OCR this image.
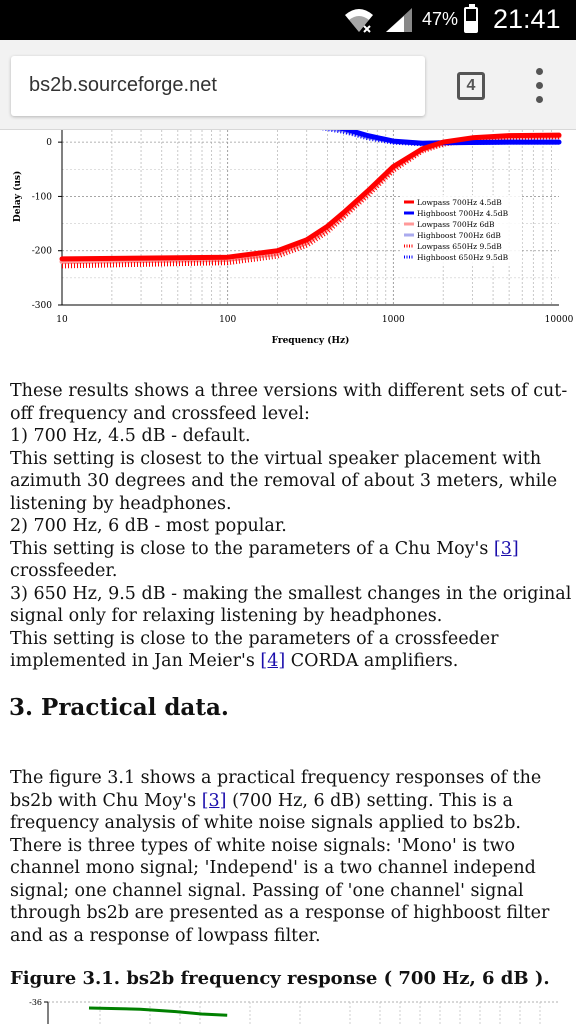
47% 21:41
bs2b.sourceforge.net	4
0
-100
-200
-300
10	100	1000	10000
Frequency (Hz)
Delay (us)	Lowpass 700Hz 4.5dB
Highboost 700Hz 4.5dB
Lowpass 700Hz 6dB
Highboost 700Hz 6dB
Lowpass 650Hz 9.5dB
Highboost 650Hz 9.5dB
These results shows a three versions with different sets of cut-
off frequency and crossfeed level:
1) 700 Hz, 4.5 dB - default.
This setting is closest to the virtual speaker placement with
azimuth 30 degrees and the removal of about 3 meters, while
listening by headphones.
2) 700 Hz, 6 dB - most popular.
This setting is close to the parameters of a Chu Moy's [3]
crossfeeder.
3) 650 Hz, 9.5 dB - making the smallest changes in the original
signal only for relaxing listening by headphones.
This setting is close to the parameters of a crossfeeder
implemented in Jan Meier's [4] CORDA amplifiers.
3. Practical data.
The figure 3.1 shows a practical frequency responses of the
bs2b with Chu Moy's [3] (700 Hz, 6 dB) setting. This is a
frequency analysis of white noise signals applied to bs2b.
There is three types of white noise signals: 'Mono' is two
channel mono signal; 'Independ' is a two channel independ
signal; one channel signal. Passing of 'one channel' signal
through bs2b are presented as a response of highboost filter
and as a response of lowpass filter.
Figure 3.1. bs2b frequency response ( 700 Hz, 6 dB ).
-36
